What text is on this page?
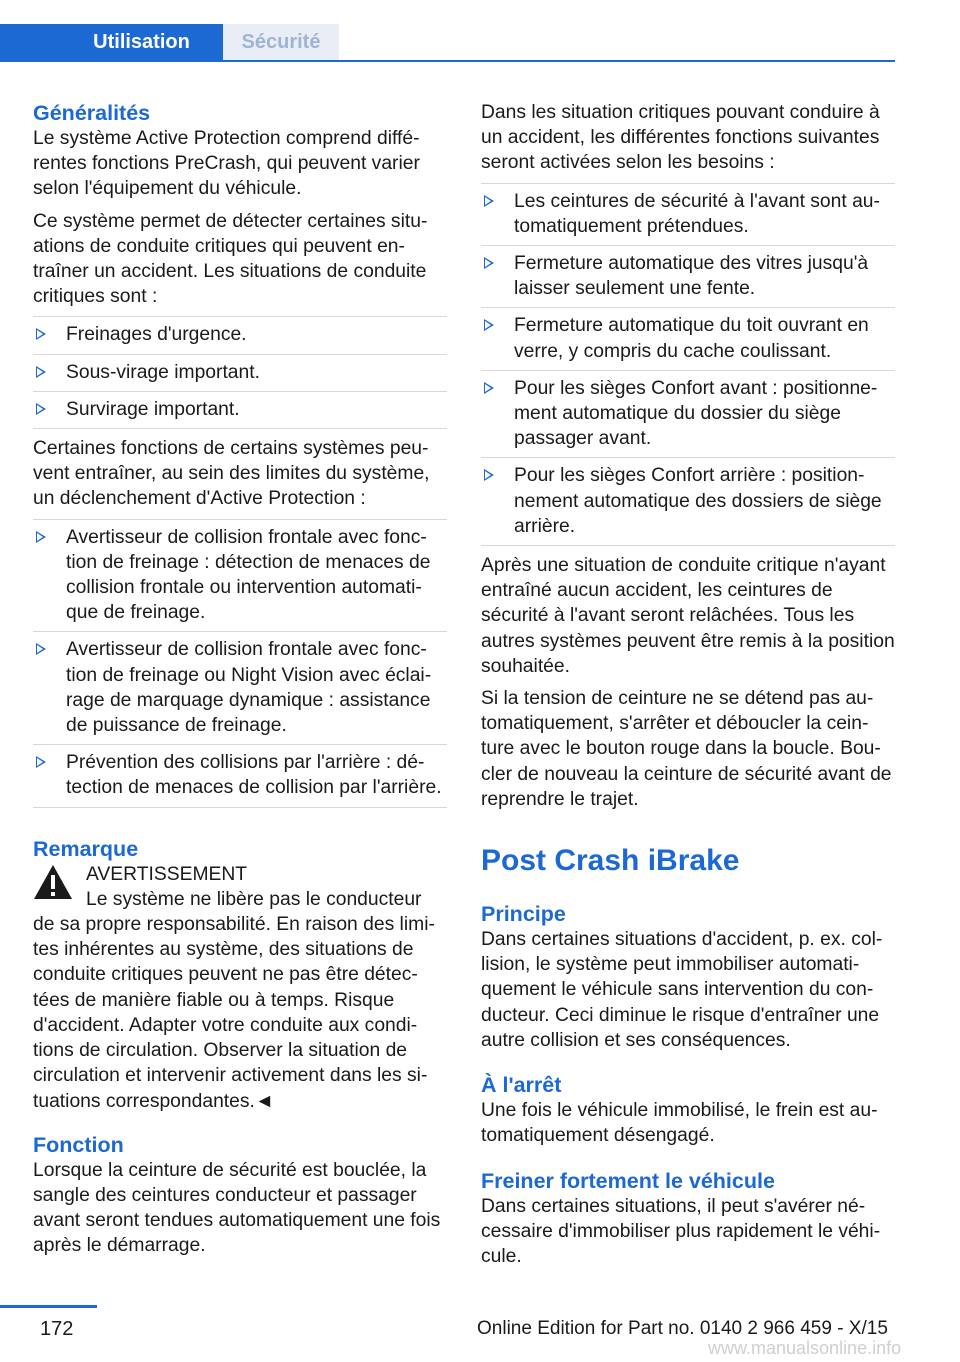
Utilisation	Sécurité
Généralités

Le système Active Protection comprend différentes fonctions PreCrash, qui peuvent varier selon l'équipement du véhicule.

Ce système permet de détecter certaines situations de conduite critiques qui peuvent entraîner un accident. Les situations de conduite critiques sont :

Freinages d'urgence.
Sous-virage important.
Survirage important.

Certaines fonctions de certains systèmes peuvent entraîner, au sein des limites du système, un déclenchement d'Active Protection :

Avertisseur de collision frontale avec fonction de freinage : détection de menaces de collision frontale ou intervention automatique de freinage.
Avertisseur de collision frontale avec fonction de freinage ou Night Vision avec éclairage de marquage dynamique : assistance de puissance de freinage.
Prévention des collisions par l'arrière : détection de menaces de collision par l'arrière.
Remarque
AVERTISSEMENT
Le système ne libère pas le conducteur
de sa propre responsabilité. En raison des limites inhérentes au système, des situations de conduite critiques peuvent ne pas être détectées de manière fiable ou à temps. Risque d'accident. Adapter votre conduite aux conditions de circulation. Observer la situation de circulation et intervenir activement dans les situations correspondantes.◄
Fonction

Lorsque la ceinture de sécurité est bouclée, la sangle des ceintures conducteur et passager avant seront tendues automatiquement une fois après le démarrage.

Dans les situation critiques pouvant conduire à un accident, les différentes fonctions suivantes seront activées selon les besoins :

Les ceintures de sécurité à l'avant sont automatiquement prétendues.
Fermeture automatique des vitres jusqu'à laisser seulement une fente.
Fermeture automatique du toit ouvrant en verre, y compris du cache coulissant.
Pour les sièges Confort avant : positionnement automatique du dossier du siège passager avant.
Pour les sièges Confort arrière : positionnement automatique des dossiers de siège arrière.

Après une situation de conduite critique n'ayant entraîné aucun accident, les ceintures de sécurité à l'avant seront relâchées. Tous les autres systèmes peuvent être remis à la position souhaitée.

Si la tension de ceinture ne se détend pas automatiquement, s'arrêter et déboucler la ceinture avec le bouton rouge dans la boucle. Boucler de nouveau la ceinture de sécurité avant de reprendre le trajet.

Post Crash iBrake
Principe

Dans certaines situations d'accident, p. ex. collision, le système peut immobiliser automatiquement le véhicule sans intervention du conducteur. Ceci diminue le risque d'entraîner une autre collision et ses conséquences.

À l'arrêt

Une fois le véhicule immobilisé, le frein est automatiquement désengagé.

Freiner fortement le véhicule

Dans certaines situations, il peut s'avérer nécessaire d'immobiliser plus rapidement le véhicule.

172	Online Edition for Part no. 0140 2 966 459 - X/15
www.manualsonline.info
